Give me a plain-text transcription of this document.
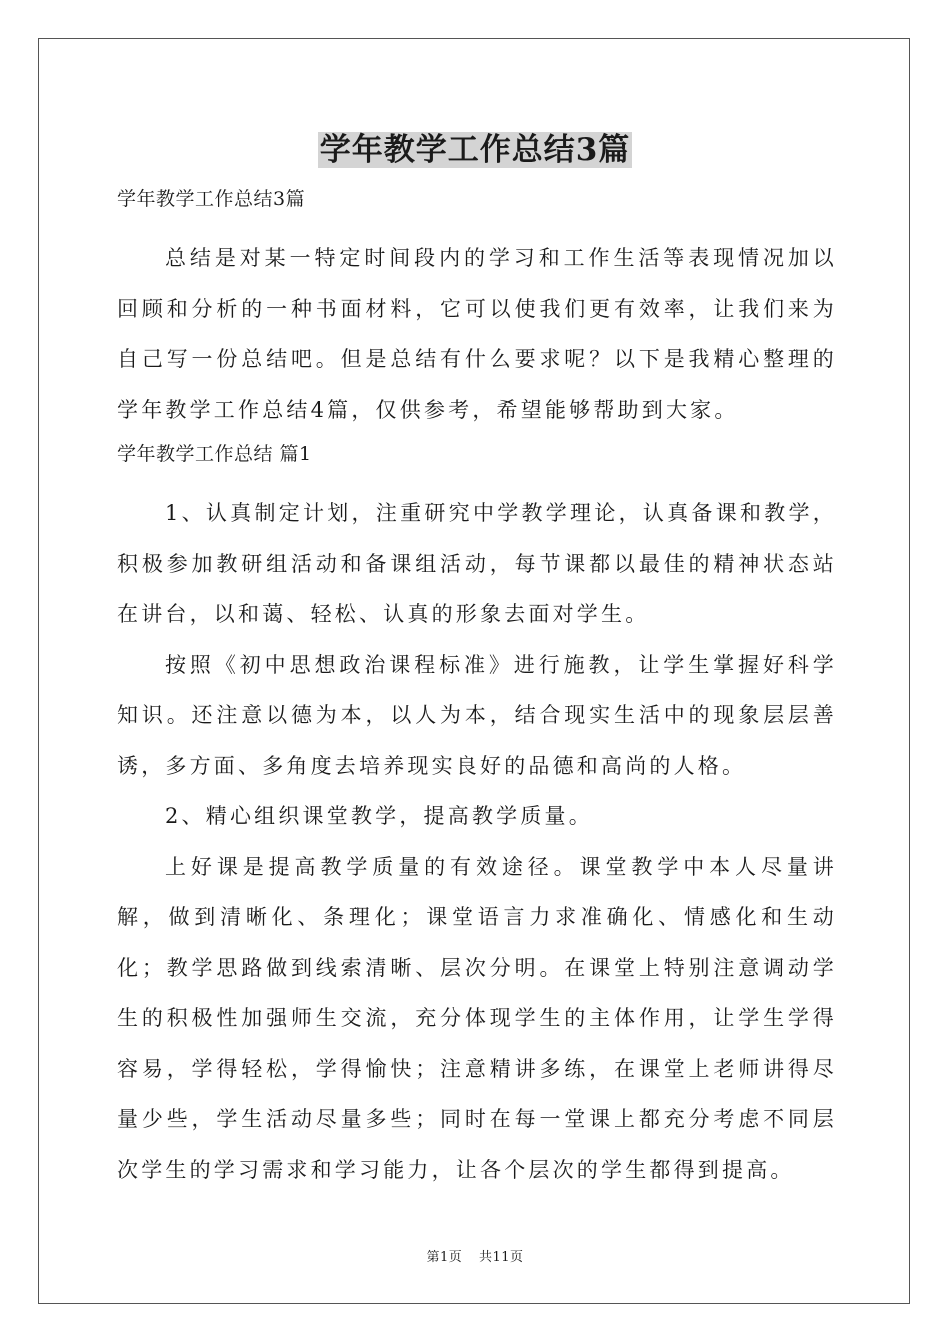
学年教学工作总结3篇
学年教学工作总结3篇

总结是对某一特定时间段内的学习和工作生活等表现情况加以回顾和分析的一种书面材料，它可以使我们更有效率，让我们来为自己写一份总结吧。但是总结有什么要求呢？以下是我精心整理的学年教学工作总结4篇，仅供参考，希望能够帮助到大家。

学年教学工作总结 篇1

1、认真制定计划，注重研究中学教学理论，认真备课和教学，积极参加教研组活动和备课组活动，每节课都以最佳的精神状态站在讲台，以和蔼、轻松、认真的形象去面对学生。

按照《初中思想政治课程标准》进行施教，让学生掌握好科学知识。还注意以德为本，以人为本，结合现实生活中的现象层层善诱，多方面、多角度去培养现实良好的品德和高尚的人格。

2、精心组织课堂教学，提高教学质量。

上好课是提高教学质量的有效途径。课堂教学中本人尽量讲解，做到清晰化、条理化；课堂语言力求准确化、情感化和生动化；教学思路做到线索清晰、层次分明。在课堂上特别注意调动学生的积极性加强师生交流，充分体现学生的主体作用，让学生学得容易，学得轻松，学得愉快；注意精讲多练，在课堂上老师讲得尽量少些，学生活动尽量多些；同时在每一堂课上都充分考虑不同层次学生的学习需求和学习能力，让各个层次的学生都得到提高。

第1页 共11页
